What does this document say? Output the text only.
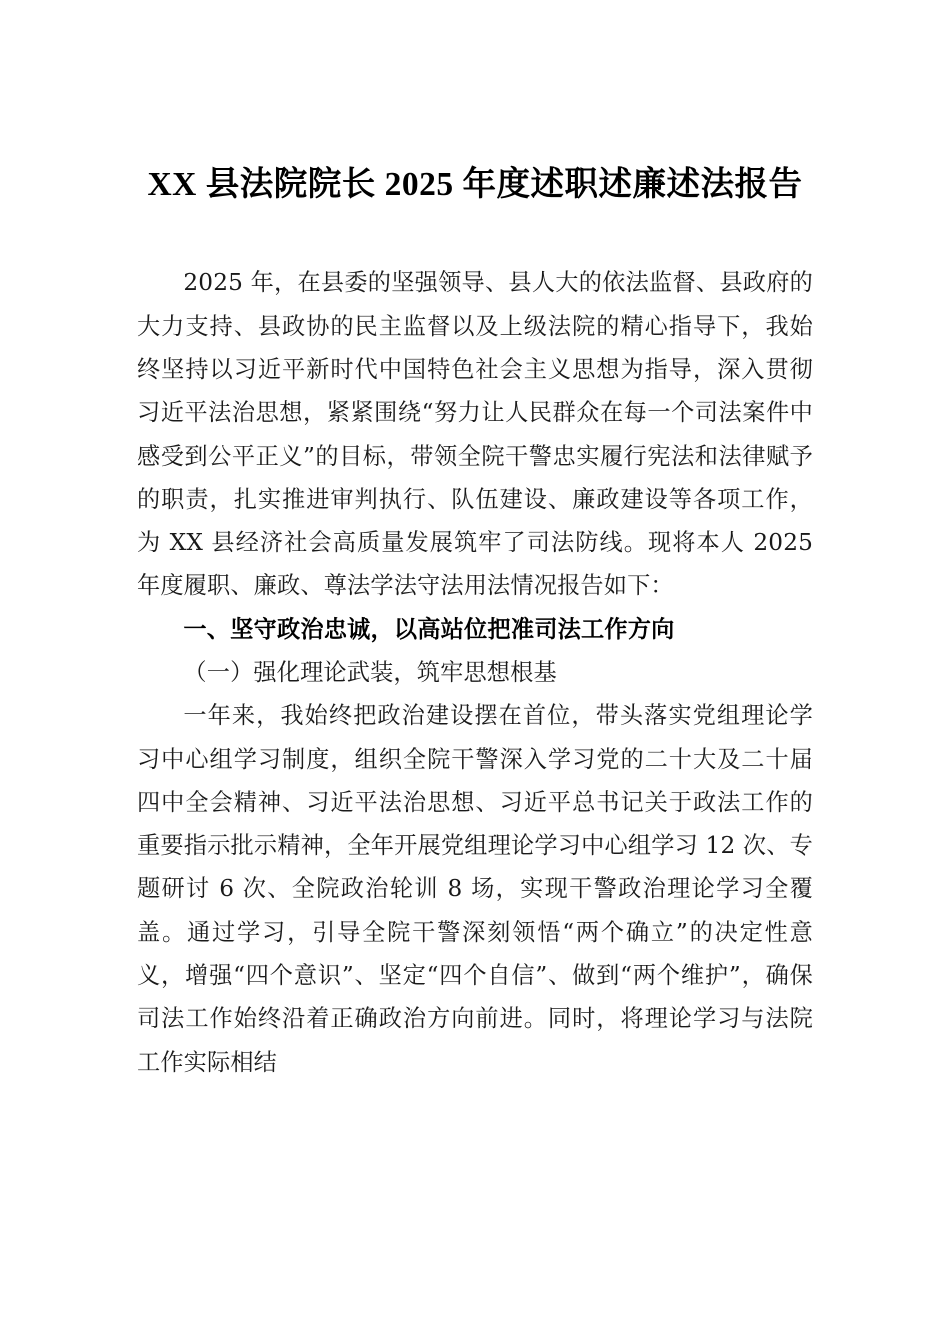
XX 县法院院长 2025 年度述职述廉述法报告

2025 年，在县委的坚强领导、县人大的依法监督、县政府的大力支持、县政协的民主监督以及上级法院的精心指导下，我始终坚持以习近平新时代中国特色社会主义思想为指导，深入贯彻习近平法治思想，紧紧围绕“努力让人民群众在每一个司法案件中感受到公平正义”的目标，带领全院干警忠实履行宪法和法律赋予的职责，扎实推进审判执行、队伍建设、廉政建设等各项工作，为 XX 县经济社会高质量发展筑牢了司法防线。现将本人 2025 年度履职、廉政、尊法学法守法用法情况报告如下：

一、坚守政治忠诚，以高站位把准司法工作方向
（一）强化理论武装，筑牢思想根基

一年来，我始终把政治建设摆在首位，带头落实党组理论学习中心组学习制度，组织全院干警深入学习党的二十大及二十届四中全会精神、习近平法治思想、习近平总书记关于政法工作的重要指示批示精神，全年开展党组理论学习中心组学习 12 次、专题研讨 6 次、全院政治轮训 8 场，实现干警政治理论学习全覆盖。通过学习，引导全院干警深刻领悟“两个确立”的决定性意义，增强“四个意识”、坚定“四个自信”、做到“两个维护”，确保司法工作始终沿着正确政治方向前进。同时，将理论学习与法院工作实际相结
